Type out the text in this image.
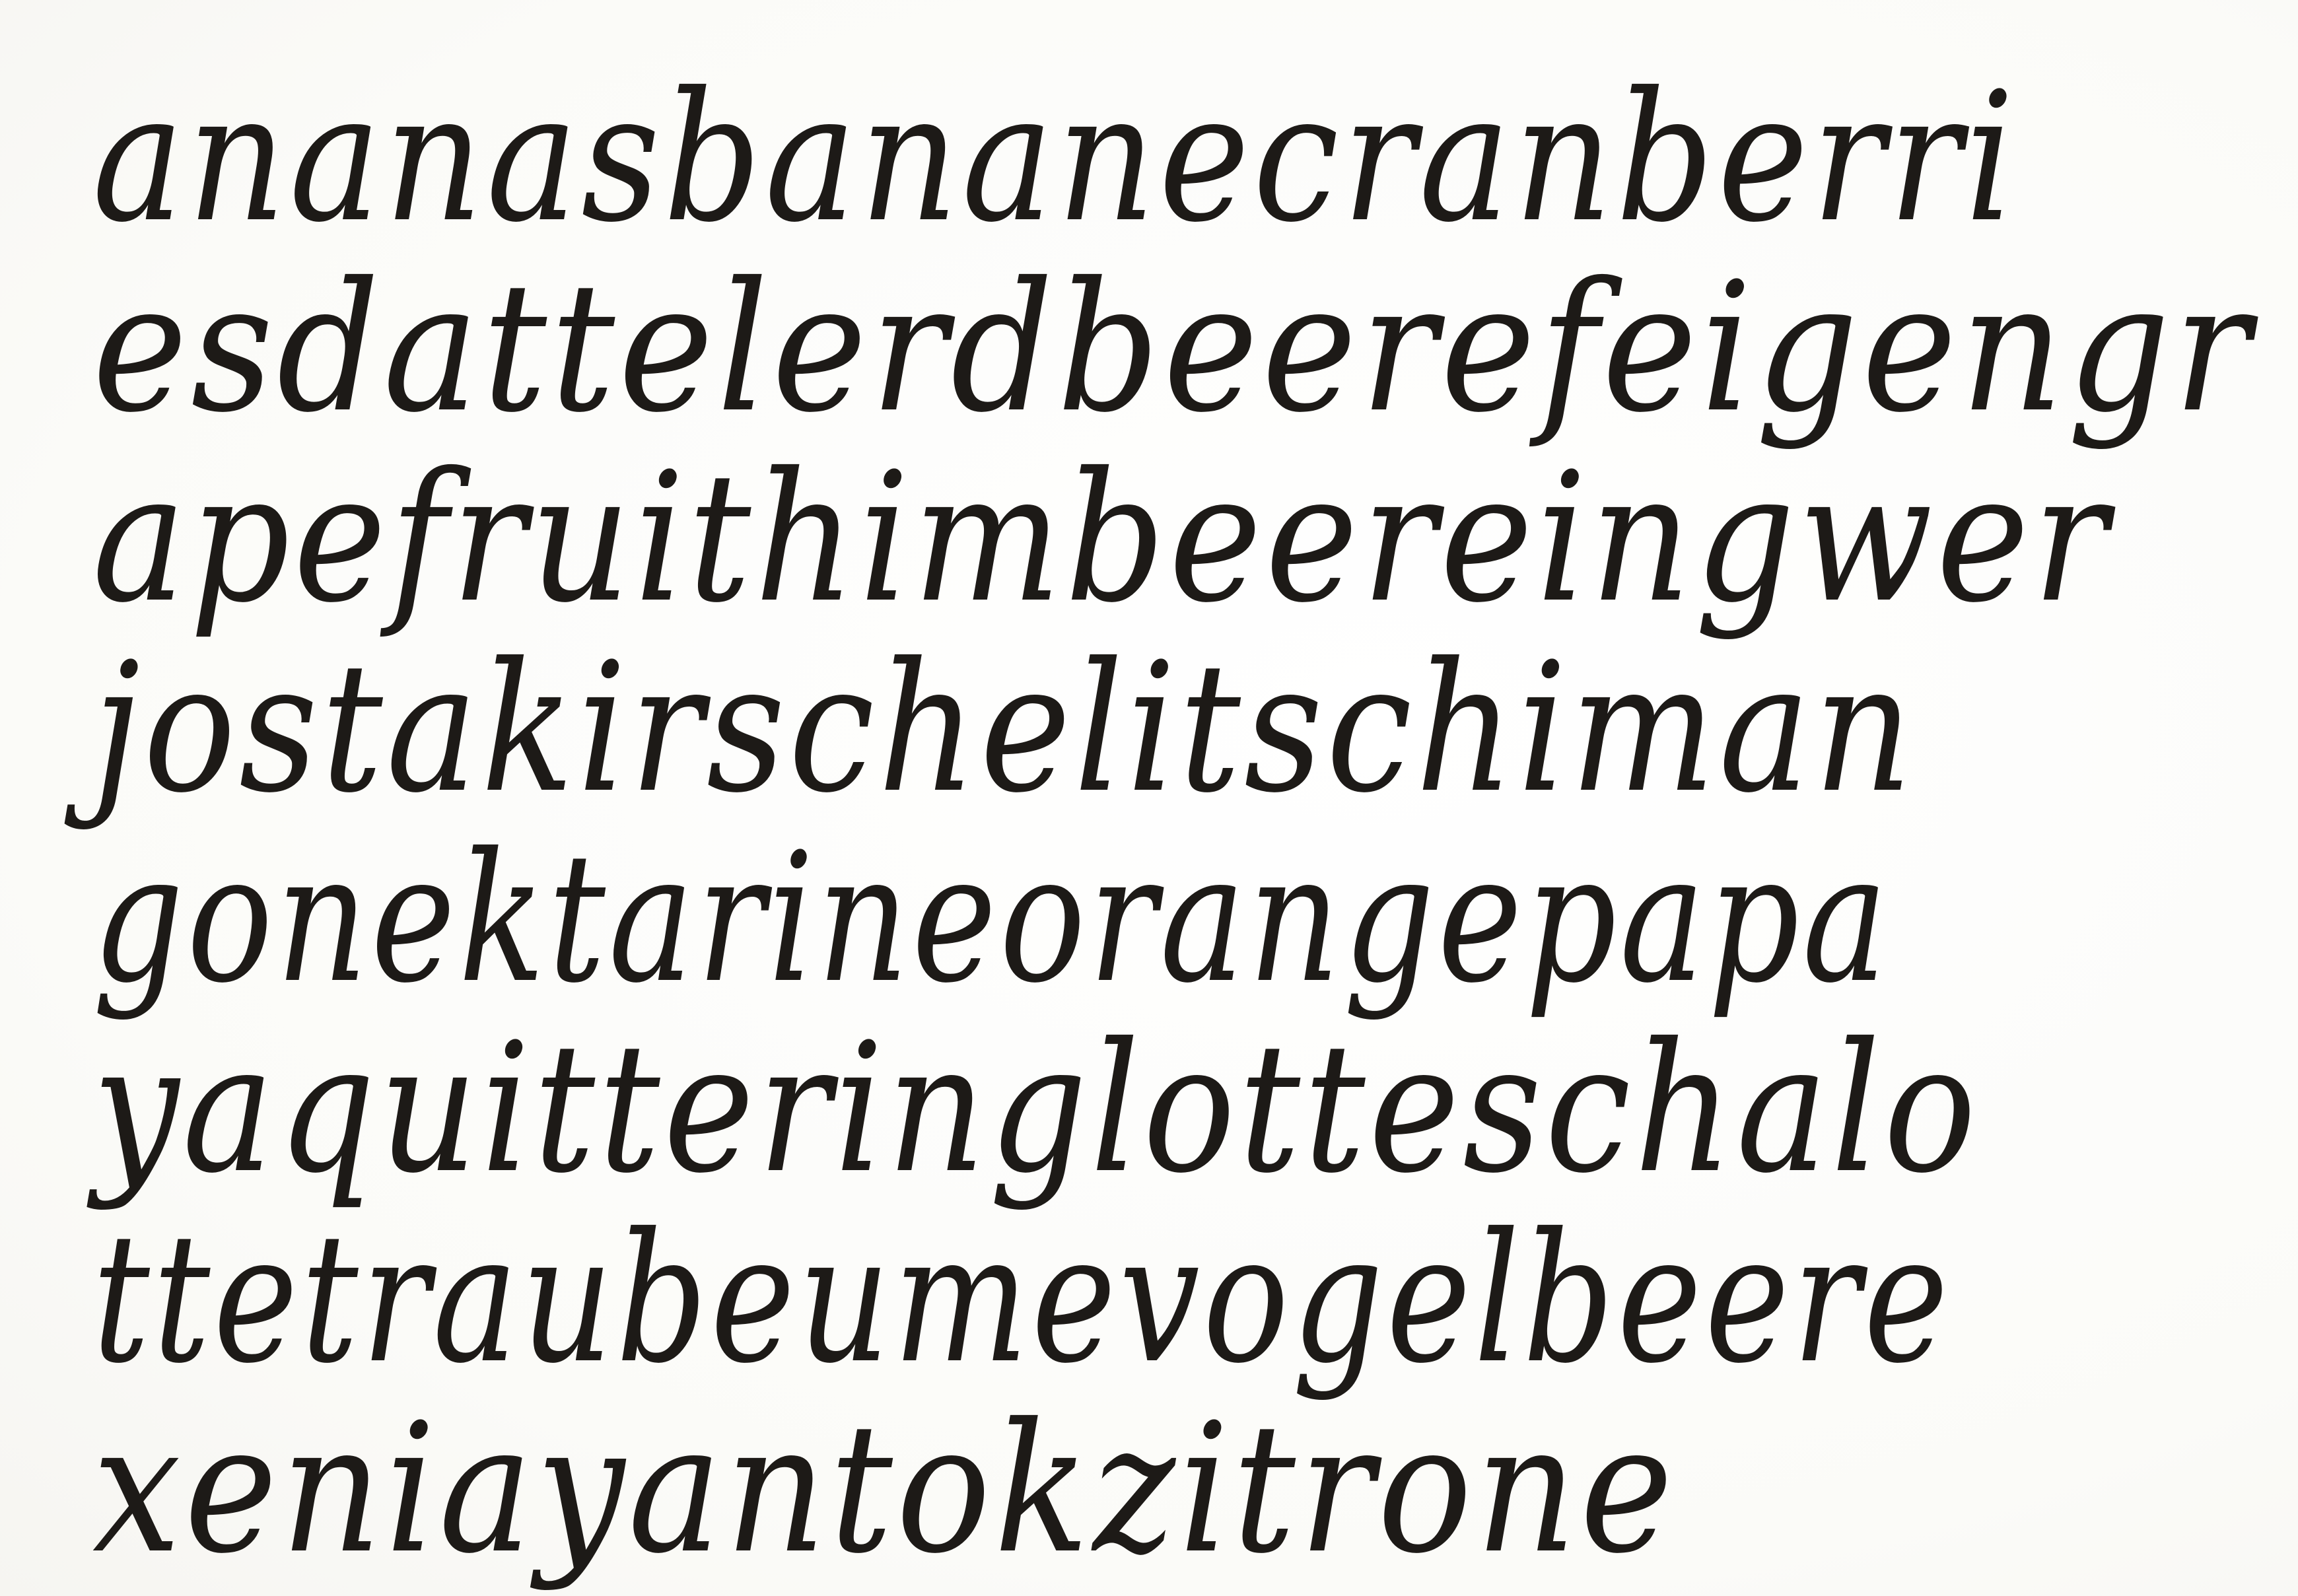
ananasbananecranberri
esdattelerdbeerefeigengr
apefruithimbeereingwer
jostakirschelitschiman
gonektarineorangepapa
yaquitteringlotteschalo
ttetraubeumevogelbeere
xeniayantokzitrone
